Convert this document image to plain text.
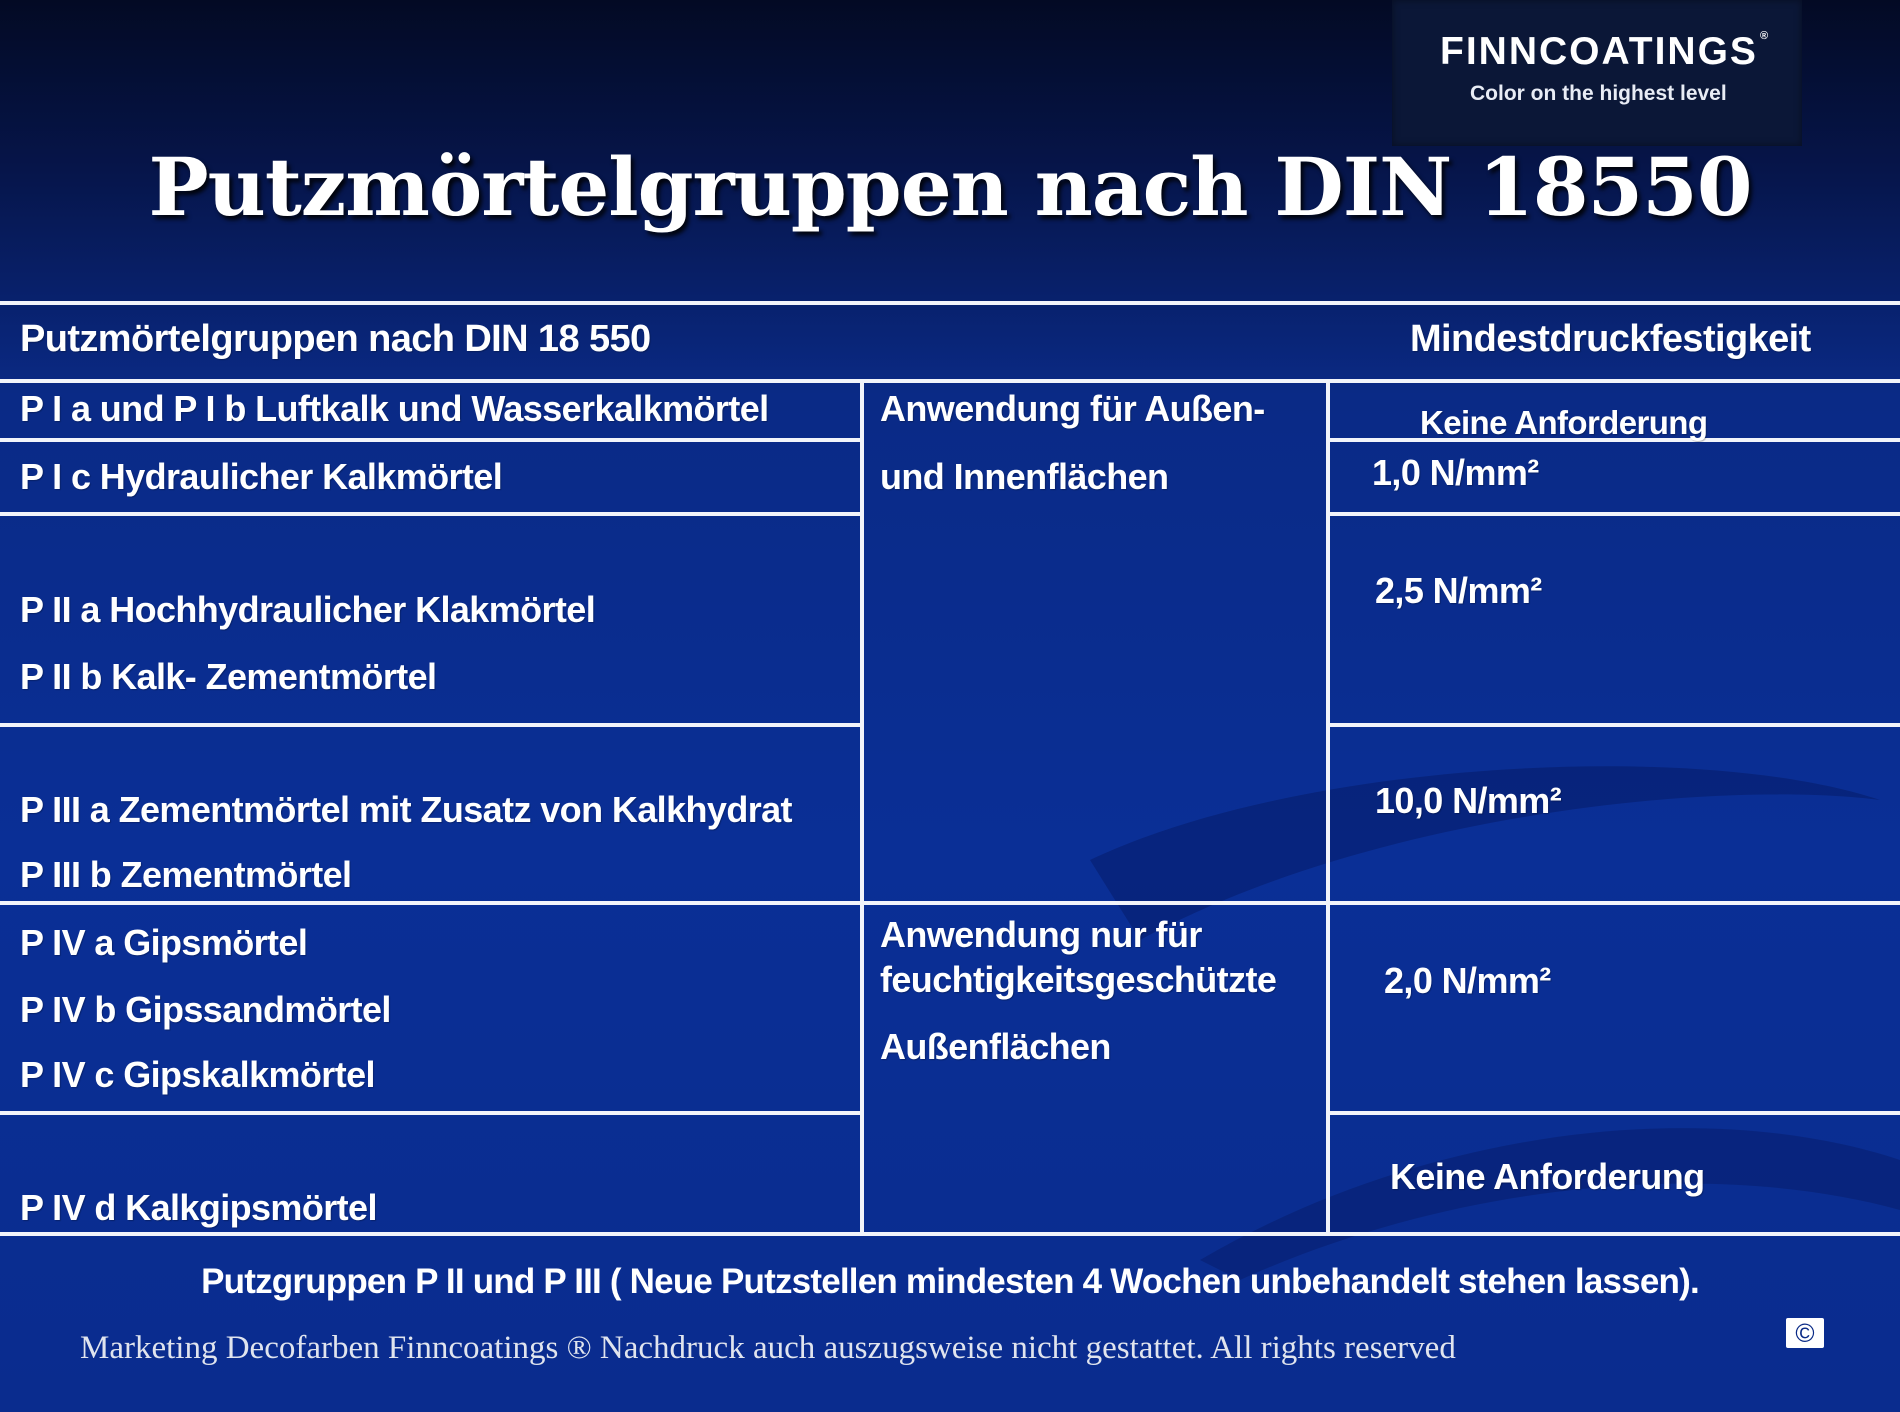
FINNCOATINGS ®
Color on the highest level
Putzmörtelgruppen nach DIN 18550
Putzmörtelgruppen nach DIN 18 550	Mindestdruckfestigkeit
P I a und P I b Luftkalk und Wasserkalkmörtel
P I c Hydraulicher Kalkmörtel
P II a Hochhydraulicher Klakmörtel
P II b Kalk- Zementmörtel
P III a Zementmörtel mit Zusatz von Kalkhydrat
P III b Zementmörtel
P IV a Gipsmörtel
P IV b Gipssandmörtel
P IV c Gipskalkmörtel
P IV d Kalkgipsmörtel
Anwendung für Außen-
und Innenflächen
Anwendung nur für
feuchtigkeitsgeschützte
Außenflächen
Keine Anforderung
1,0 N/mm²
2,5 N/mm²
10,0 N/mm²
2,0 N/mm²
Keine Anforderung
Putzgruppen P II und P III ( Neue Putzstellen mindesten 4 Wochen unbehandelt stehen lassen).
Marketing Decofarben Finncoatings ® Nachdruck auch auszugsweise nicht gestattet. All rights reserved	©
